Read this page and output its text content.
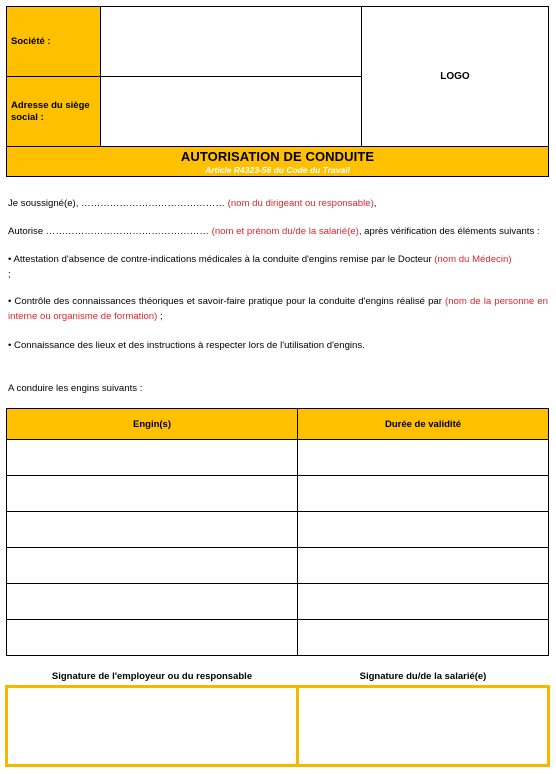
Société :
Adresse du siège social :
LOGO
AUTORISATION DE CONDUITE
Article R4323-56 du Code du Travail
Je soussigné(e), ……………………………………… (nom du dirigeant ou responsable),
Autorise …………………………………………… (nom et prénom du/de la salarié(e), après vérification des éléments suivants :
• Attestation d'absence de contre-indications médicales à la conduite d'engins remise par le Docteur (nom du Médecin)
;
• Contrôle des connaissances théoriques et savoir-faire pratique pour la conduite d'engins réalisé par (nom de la personne en interne ou organisme de formation) ;
• Connaissance des lieux et des instructions à respecter lors de l'utilisation d'engins.
A conduire les engins suivants :
Engin(s)	Durée de validité
Signature de l'employeur ou du responsable	Signature du/de la salarié(e)
